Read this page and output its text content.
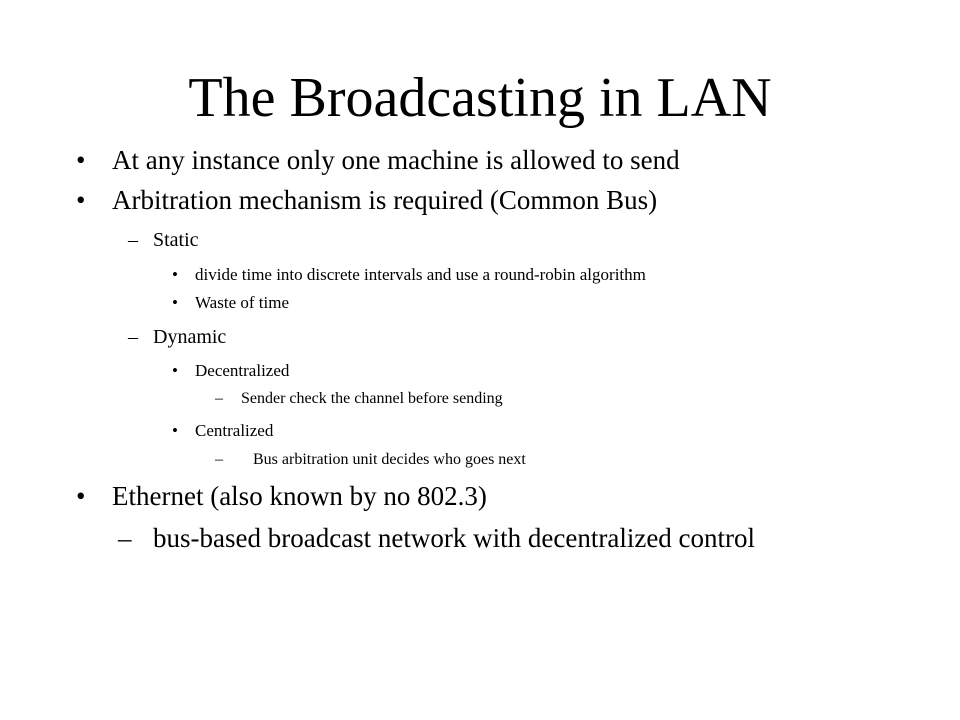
The Broadcasting in LAN
• At any instance only one machine is allowed to send
• Arbitration mechanism is required (Common Bus)
– Static
• divide time into discrete intervals and use a round-robin algorithm
• Waste of time
– Dynamic
• Decentralized
– Sender check the channel before sending
• Centralized
– Bus arbitration unit decides who goes next
• Ethernet (also known by no 802.3)
– bus-based broadcast network with decentralized control
